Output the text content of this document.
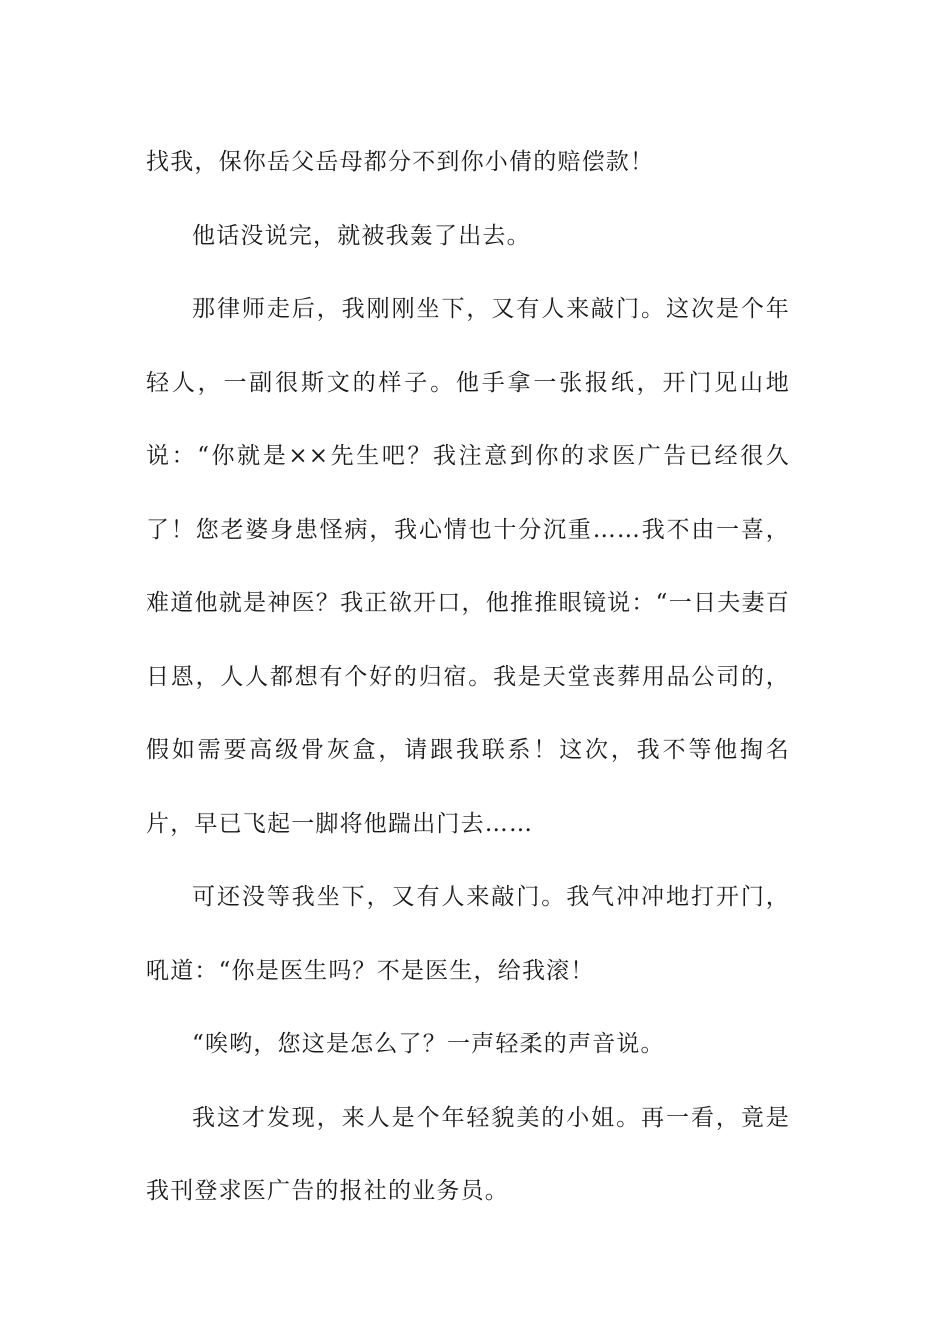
找我，保你岳父岳母都分不到你小倩的赔偿款！

他话没说完，就被我轰了出去。

那律师走后，我刚刚坐下，又有人来敲门。这次是个年轻人，一副很斯文的样子。他手拿一张报纸，开门见山地说：“你就是××先生吧？我注意到你的求医广告已经很久了！您老婆身患怪病，我心情也十分沉重……我不由一喜，难道他就是神医？我正欲开口，他推推眼镜说：“一日夫妻百日恩，人人都想有个好的归宿。我是天堂丧葬用品公司的，假如需要高级骨灰盒，请跟我联系！这次，我不等他掏名片，早已飞起一脚将他踹出门去……

可还没等我坐下，又有人来敲门。我气冲冲地打开门，吼道：“你是医生吗？不是医生，给我滚！

“唉哟，您这是怎么了？一声轻柔的声音说。

我这才发现，来人是个年轻貌美的小姐。再一看，竟是我刊登求医广告的报社的业务员。
